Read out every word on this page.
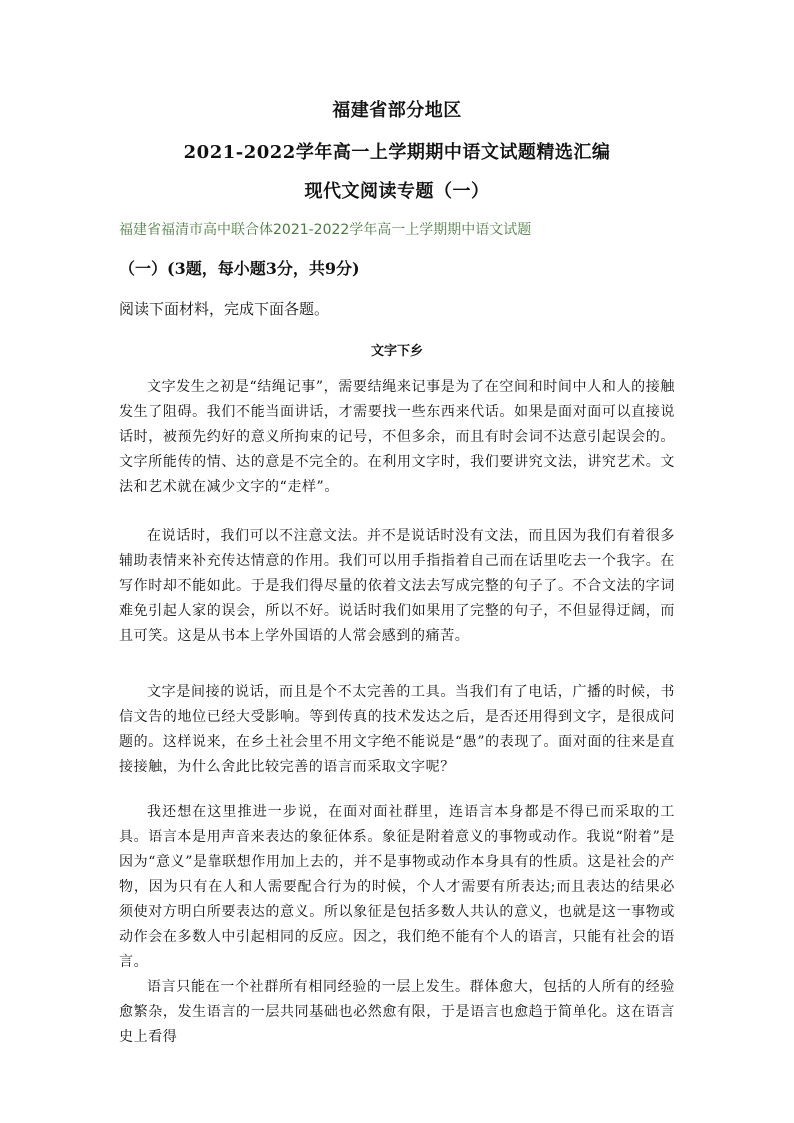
福建省部分地区
2021-2022学年高一上学期期中语文试题精选汇编
现代文阅读专题（一）
福建省福清市高中联合体2021-2022学年高一上学期期中语文试题
（一）(3题，每小题3分，共9分)
阅读下面材料，完成下面各题。
文字下乡
文字发生之初是“结绳记事”，需要结绳来记事是为了在空间和时间中人和人的接触发生了阻碍。我们不能当面讲话，才需要找一些东西来代话。如果是面对面可以直接说话时，被预先约好的意义所拘束的记号，不但多余，而且有时会词不达意引起误会的。文字所能传的情、达的意是不完全的。在利用文字时，我们要讲究文法，讲究艺术。文法和艺术就在减少文字的“走样”。
在说话时，我们可以不注意文法。并不是说话时没有文法，而且因为我们有着很多辅助表情来补充传达情意的作用。我们可以用手指指着自己而在话里吃去一个我字。在写作时却不能如此。于是我们得尽量的依着文法去写成完整的句子了。不合文法的字词难免引起人家的误会，所以不好。说话时我们如果用了完整的句子，不但显得迂阔，而且可笑。这是从书本上学外国语的人常会感到的痛苦。
文字是间接的说话，而且是个不太完善的工具。当我们有了电话，广播的时候，书信文告的地位已经大受影响。等到传真的技术发达之后，是否还用得到文字，是很成问题的。这样说来，在乡土社会里不用文字绝不能说是“愚”的表现了。面对面的往来是直接接触，为什么舍此比较完善的语言而采取文字呢？
我还想在这里推进一步说，在面对面社群里，连语言本身都是不得已而采取的工具。语言本是用声音来表达的象征体系。象征是附着意义的事物或动作。我说“附着”是因为“意义”是靠联想作用加上去的，并不是事物或动作本身具有的性质。这是社会的产物，因为只有在人和人需要配合行为的时候，个人才需要有所表达;而且表达的结果必须使对方明白所要表达的意义。所以象征是包括多数人共认的意义，也就是这一事物或动作会在多数人中引起相同的反应。因之，我们绝不能有个人的语言，只能有社会的语言。
语言只能在一个社群所有相同经验的一层上发生。群体愈大，包括的人所有的经验愈繁杂，发生语言的一层共同基础也必然愈有限，于是语言也愈趋于简单化。这在语言史上看得
